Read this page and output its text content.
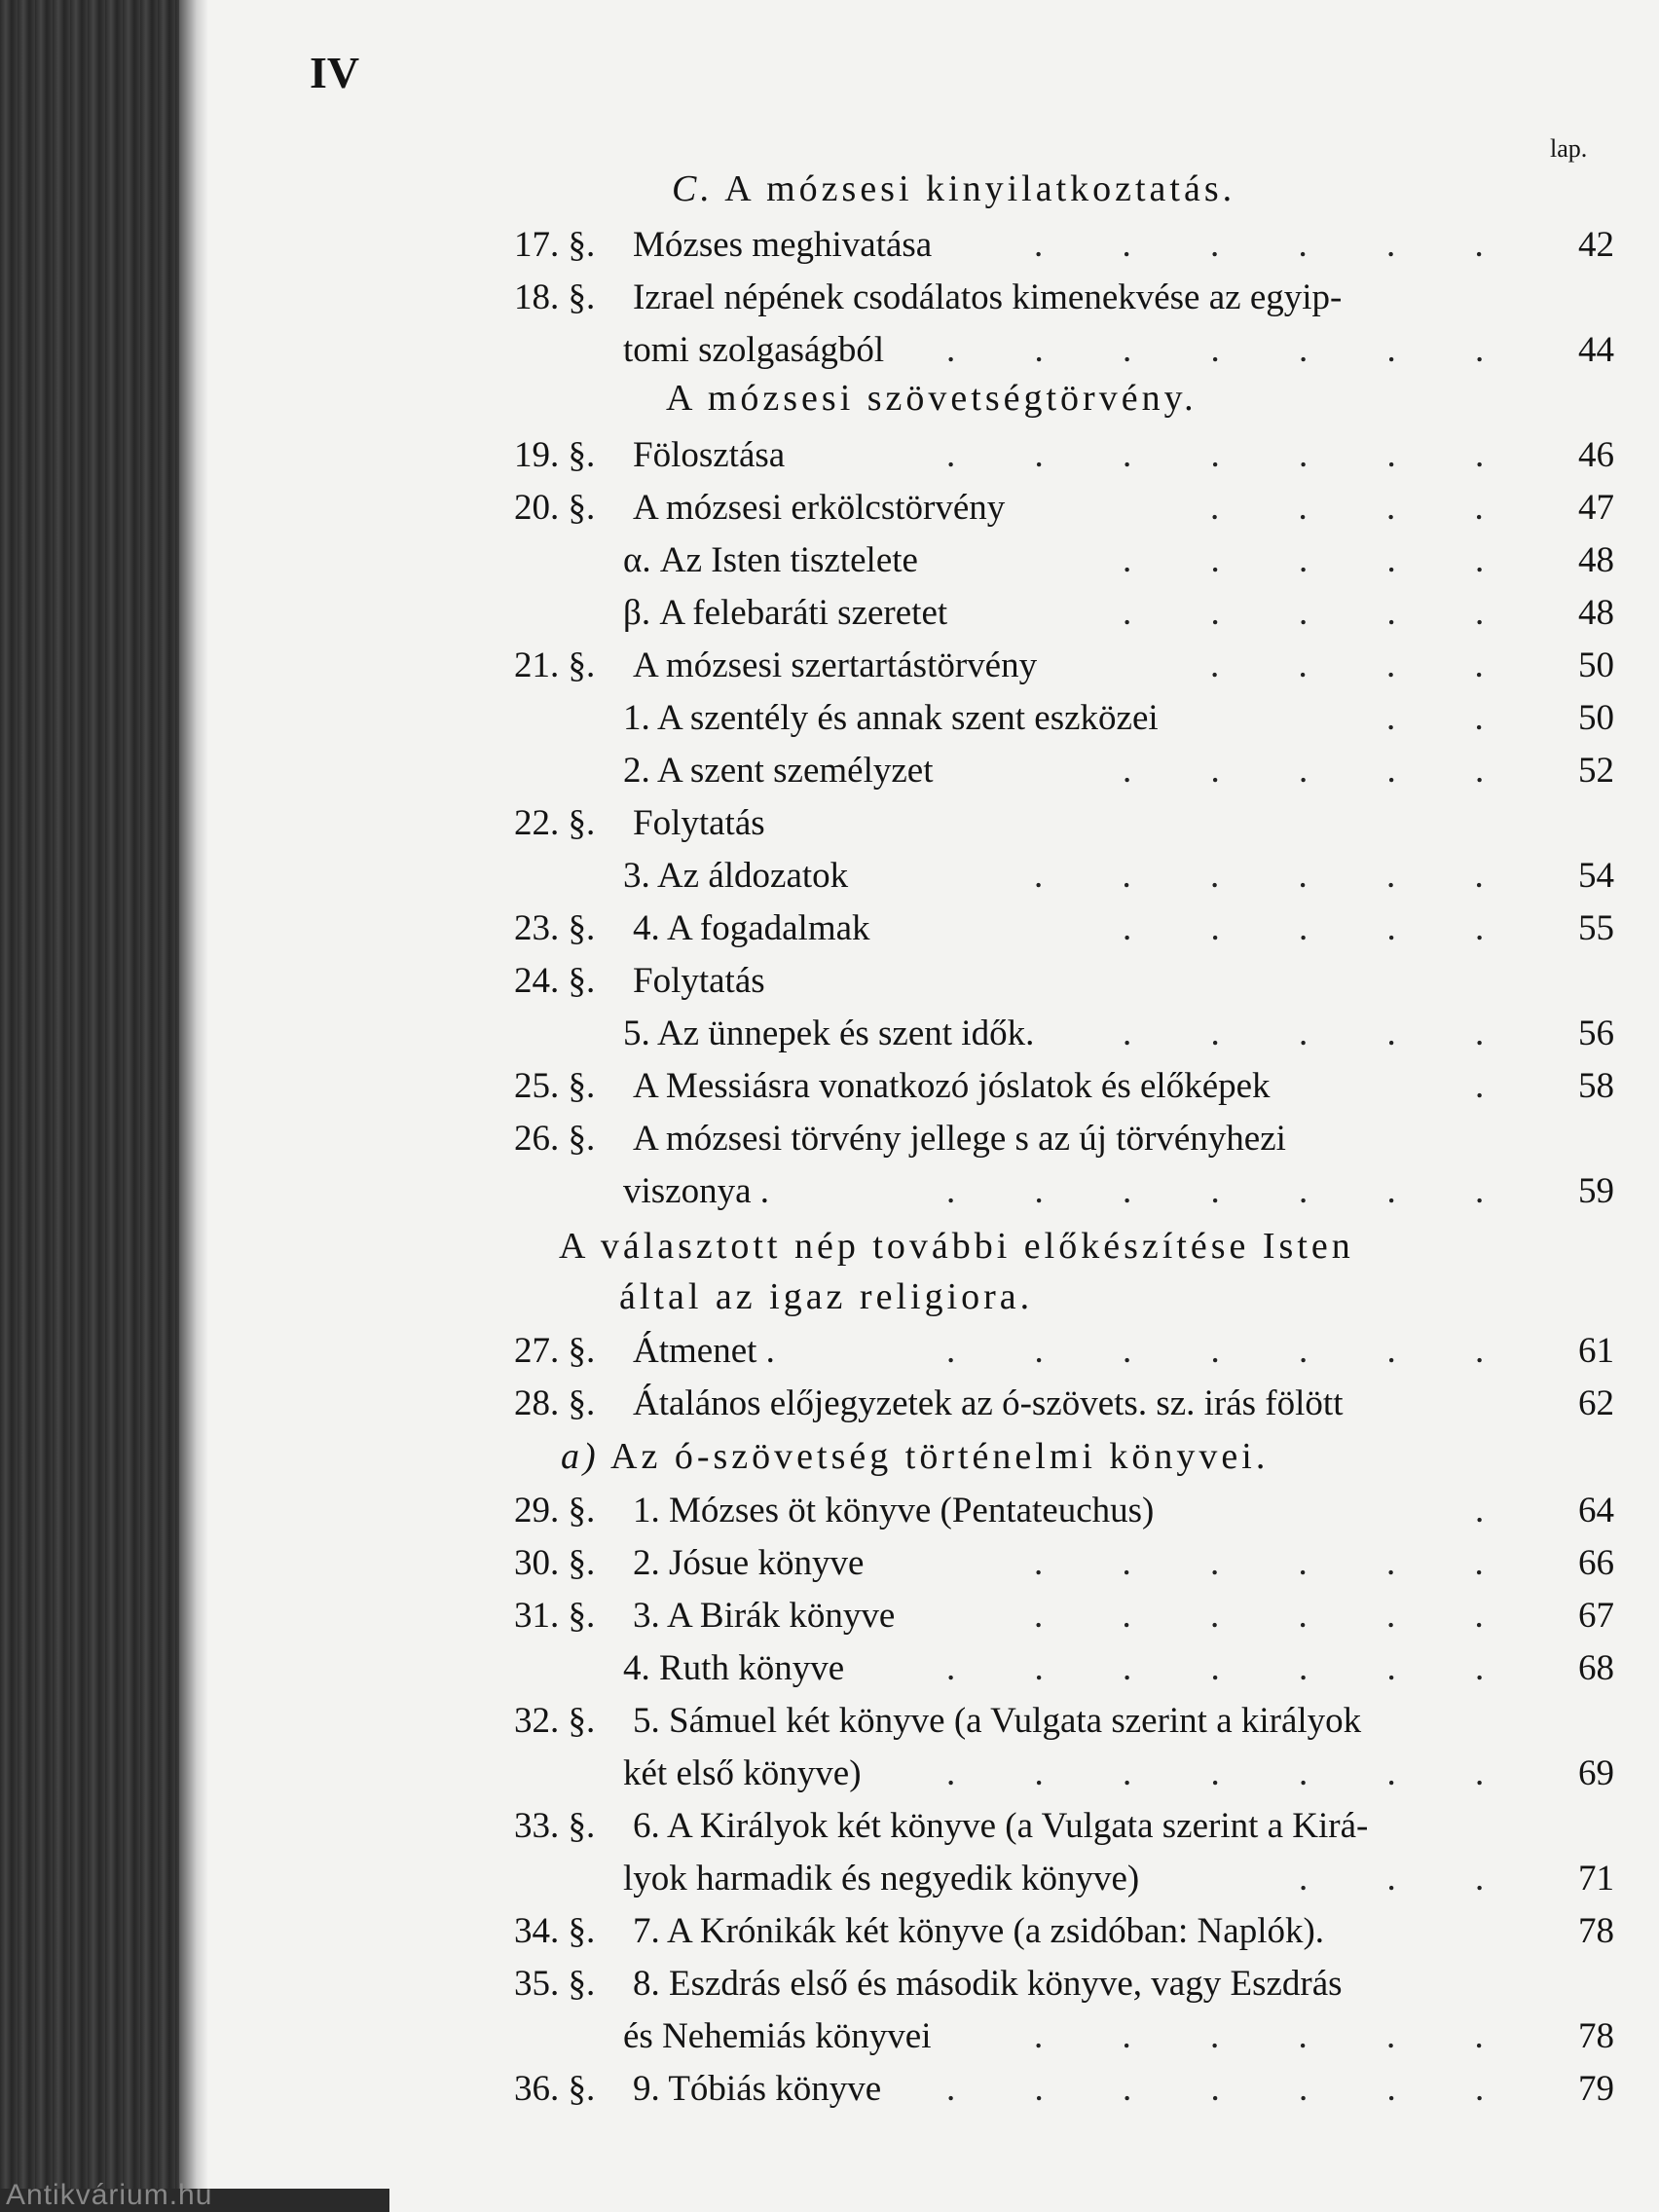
IV
lap.
C. A mózsesi kinyilatkoztatás.
17. §. Mózses meghivatása	. . . . . .	42
18. §. Izrael népének csodálatos kimenekvése az egyip-
tomi szolgaságból . . . . . . .	44
19. §. Fölosztása	. . . . . . .	46
20. §. A mózsesi erkölcstörvény	. . . .	47
α. Az Isten tisztelete	. . . . .	48
β. A felebaráti szeretet	. . . . .	48
21. §. A mózsesi szertartástörvény	. . . .	50
1. A szentély és annak szent eszközei	. .	50
2. A szent személyzet	. . . . .	52
22. §. Folytatás
3. Az áldozatok	. . . . . .	54
23. §. 4. A fogadalmak	. . . . .	55
24. §. Folytatás
5. Az ünnepek és szent idők. . . . . .	56
25. §. A Messiásra vonatkozó jóslatok és előképek	.	58
26. §. A mózsesi törvény jellege s az új törvényhezi
viszonya .	. . . . . . .	59
27. §. Átmenet .	. . . . . . .	61
28. §. Átalános előjegyzetek az ó-szövets. sz. irás fölött	62
29. §. 1. Mózses öt könyve (Pentateuchus)	.	64
30. §. 2. Jósue könyve	. . . . . .	66
31. §. 3. A Birák könyve	. . . . . .	67
4. Ruth könyve	. . . . . . .	68
32. §. 5. Sámuel két könyve (a Vulgata szerint a királyok
két első könyve) . . . . . . .	69
33. §. 6. A Királyok két könyve (a Vulgata szerint a Kirá-
lyok harmadik és negyedik könyve)	. . .	71
34. §. 7. A Krónikák két könyve (a zsidóban: Naplók).	78
35. §. 8. Eszdrás első és második könyve, vagy Eszdrás
és Nehemiás könyvei	. . . . . .	78
36. §. 9. Tóbiás könyve . . . . . . .	79
A mózsesi szövetségtörvény.
A választott nép további előkészítése Isten
által az igaz religiora.
a) Az ó-szövetség történelmi könyvei.
Antikvárium.hu
